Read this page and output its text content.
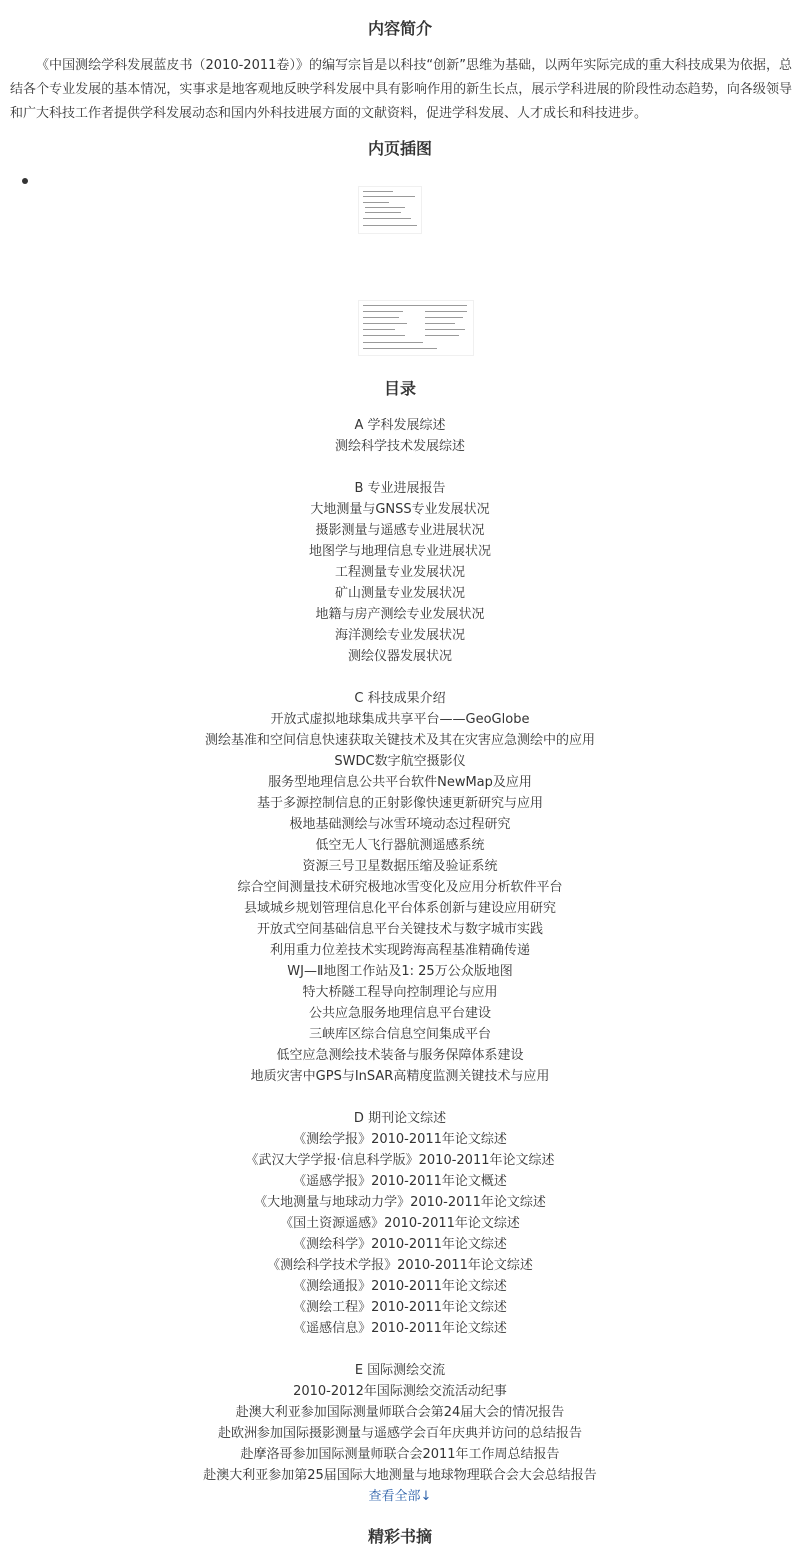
内容简介

《中国测绘学科发展蓝皮书（2010-2011卷）》的编写宗旨是以科技“创新”思维为基础，以两年实际完成的重大科技成果为依据，总结各个专业发展的基本情况，实事求是地客观地反映学科发展中具有影响作用的新生长点，展示学科进展的阶段性动态趋势，向各级领导和广大科技工作者提供学科发展动态和国内外科技进展方面的文献资料，促进学科发展、人才成长和科技进步。

内页插图
目录
A 学科发展综述
测绘科学技术发展综述
B 专业进展报告
大地测量与GNSS专业发展状况
摄影测量与遥感专业进展状况
地图学与地理信息专业进展状况
工程测量专业发展状况
矿山测量专业发展状况
地籍与房产测绘专业发展状况
海洋测绘专业发展状况
测绘仪器发展状况
C 科技成果介绍
开放式虚拟地球集成共享平台——GeoGlobe
测绘基准和空间信息快速获取关键技术及其在灾害应急测绘中的应用
SWDC数字航空摄影仪
服务型地理信息公共平台软件NewMap及应用
基于多源控制信息的正射影像快速更新研究与应用
极地基础测绘与冰雪环境动态过程研究
低空无人飞行器航测遥感系统
资源三号卫星数据压缩及验证系统
综合空间测量技术研究极地冰雪变化及应用分析软件平台
县域城乡规划管理信息化平台体系创新与建设应用研究
开放式空间基础信息平台关键技术与数字城市实践
利用重力位差技术实现跨海高程基准精确传递
WJ—Ⅱ地图工作站及1: 25万公众版地图
特大桥隧工程导向控制理论与应用
公共应急服务地理信息平台建设
三峡库区综合信息空间集成平台
低空应急测绘技术装备与服务保障体系建设
地质灾害中GPS与InSAR高精度监测关键技术与应用
D 期刊论文综述
《测绘学报》2010-2011年论文综述
《武汉大学学报·信息科学版》2010-2011年论文综述
《遥感学报》2010-2011年论文概述
《大地测量与地球动力学》2010-2011年论文综述
《国土资源遥感》2010-2011年论文综述
《测绘科学》2010-2011年论文综述
《测绘科学技术学报》2010-2011年论文综述
《测绘通报》2010-2011年论文综述
《测绘工程》2010-2011年论文综述
《遥感信息》2010-2011年论文综述
E 国际测绘交流
2010-2012年国际测绘交流活动纪事
赴澳大利亚参加国际测量师联合会第24届大会的情况报告
赴欧洲参加国际摄影测量与遥感学会百年庆典并访问的总结报告
赴摩洛哥参加国际测量师联合会2011年工作周总结报告
赴澳大利亚参加第25届国际大地测量与地球物理联合会大会总结报告
查看全部↓
精彩书摘
